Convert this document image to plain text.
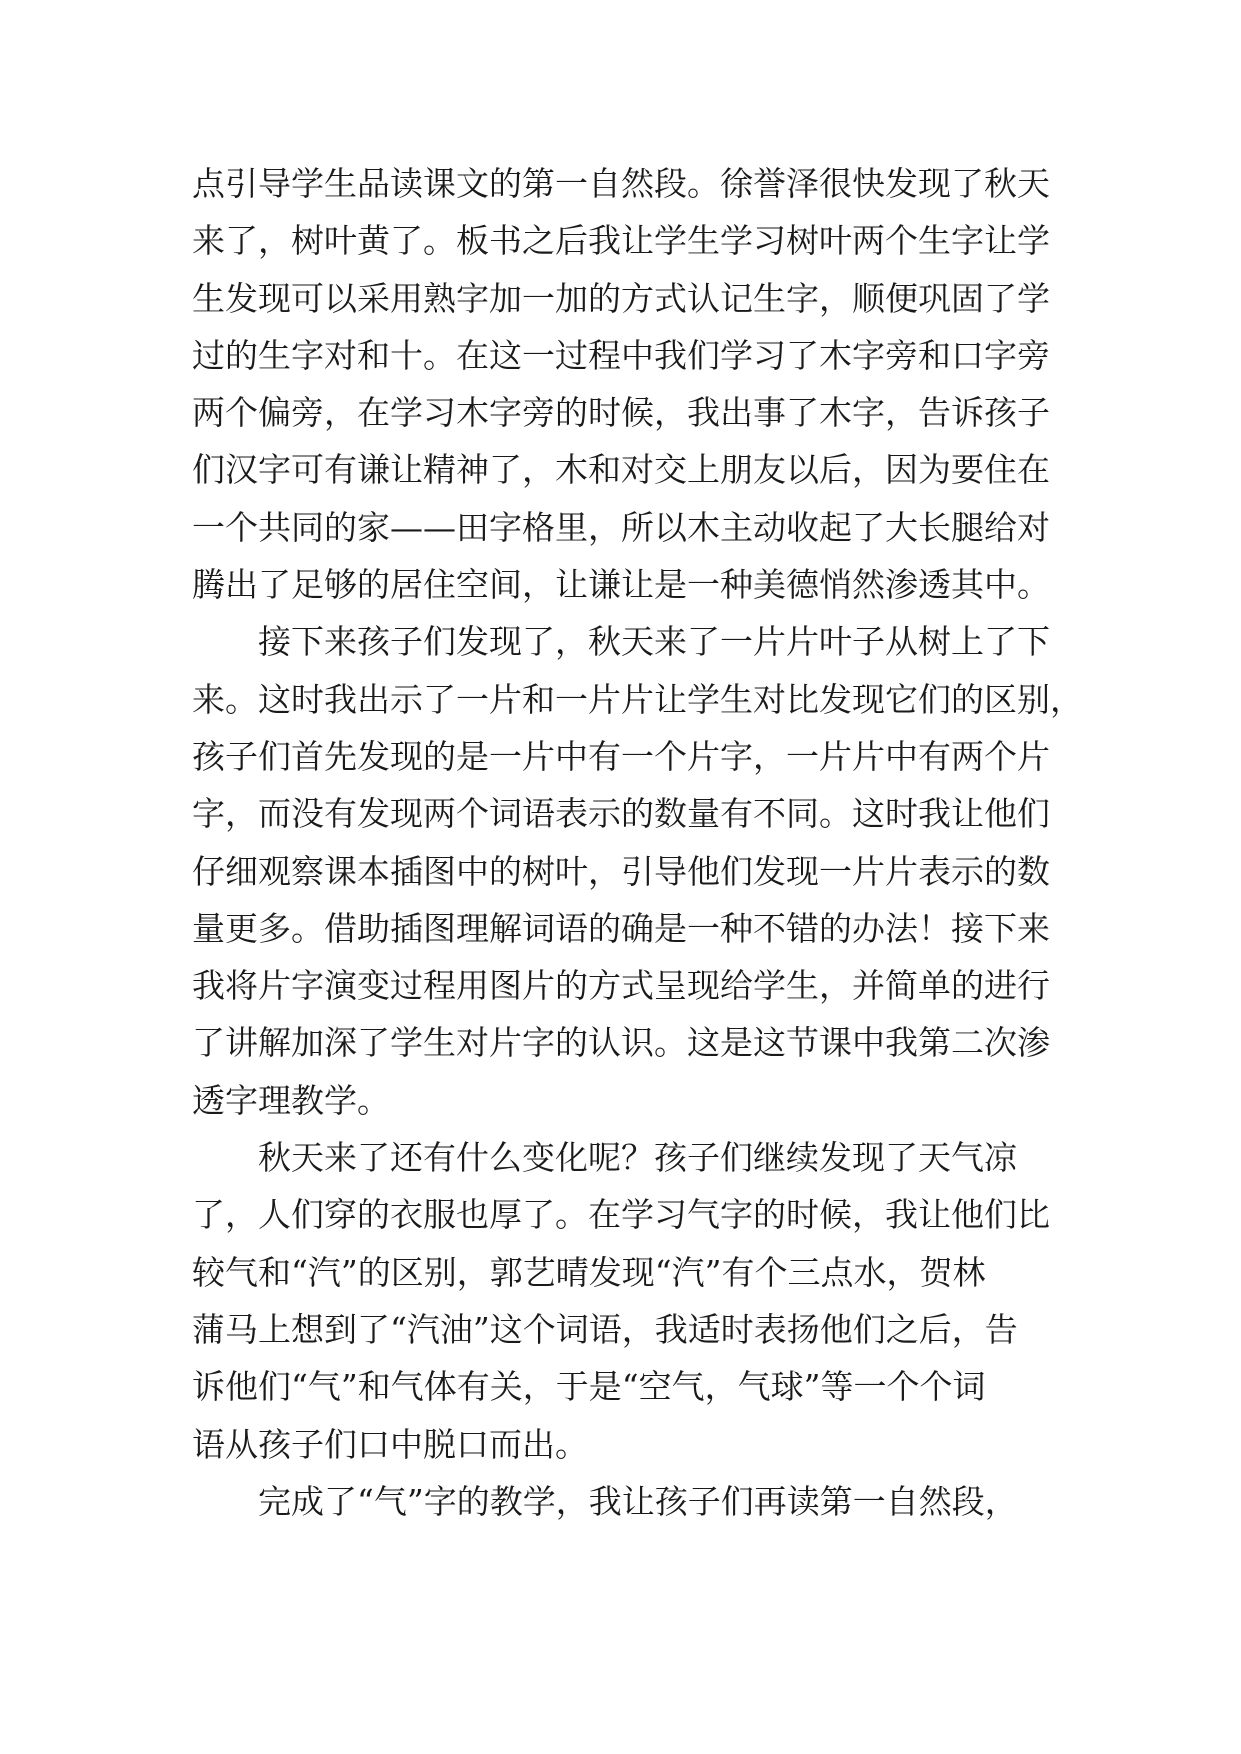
点引导学生品读课文的第一自然段。徐誉泽很快发现了秋天
来了，树叶黄了。板书之后我让学生学习树叶两个生字让学
生发现可以采用熟字加一加的方式认记生字，顺便巩固了学
过的生字对和十。在这一过程中我们学习了木字旁和口字旁
两个偏旁，在学习木字旁的时候，我出事了木字，告诉孩子
们汉字可有谦让精神了，木和对交上朋友以后，因为要住在
一个共同的家——田字格里，所以木主动收起了大长腿给对
腾出了足够的居住空间，让谦让是一种美德悄然渗透其中。
接下来孩子们发现了，秋天来了一片片叶子从树上了下
来。这时我出示了一片和一片片让学生对比发现它们的区别，
孩子们首先发现的是一片中有一个片字，一片片中有两个片
字，而没有发现两个词语表示的数量有不同。这时我让他们
仔细观察课本插图中的树叶，引导他们发现一片片表示的数
量更多。借助插图理解词语的确是一种不错的办法！接下来
我将片字演变过程用图片的方式呈现给学生，并简单的进行
了讲解加深了学生对片字的认识。这是这节课中我第二次渗
透字理教学。
秋天来了还有什么变化呢？孩子们继续发现了天气凉
了，人们穿的衣服也厚了。在学习气字的时候，我让他们比
较气和“汽”的区别，郭艺晴发现“汽”有个三点水，贺林
蒲马上想到了“汽油”这个词语，我适时表扬他们之后，告
诉他们“气”和气体有关，于是“空气，气球”等一个个词
语从孩子们口中脱口而出。
完成了“气”字的教学，我让孩子们再读第一自然段，
